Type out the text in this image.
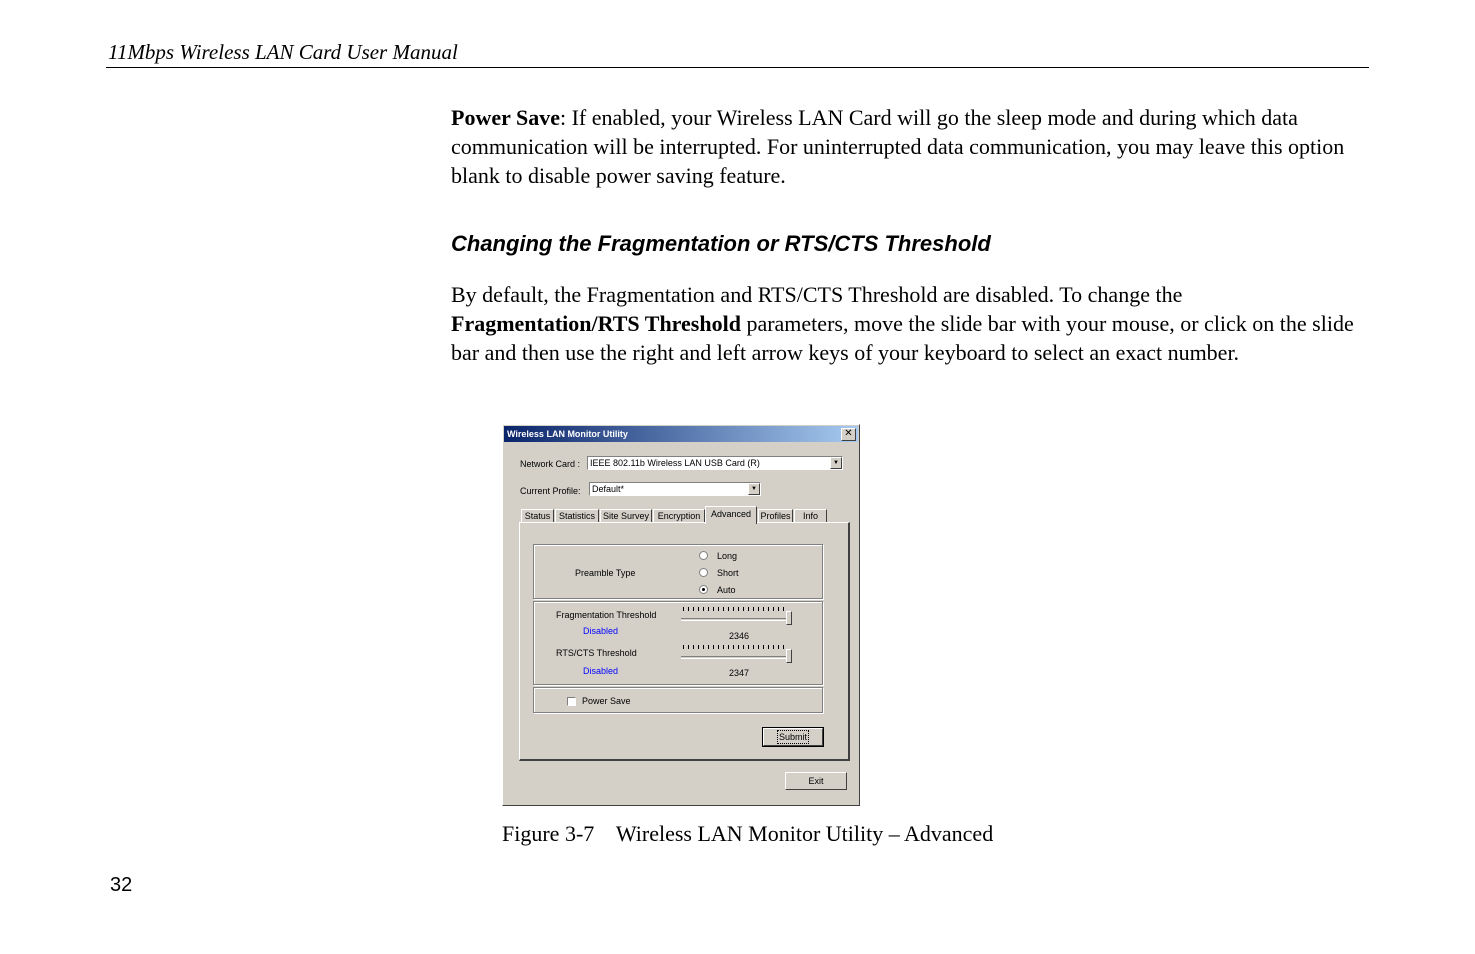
11Mbps Wireless LAN Card User Manual

Power Save: If enabled, your Wireless LAN Card will go the sleep mode and during which data communication will be interrupted. For uninterrupted data communication, you may leave this option blank to disable power saving feature.

Changing the Fragmentation or RTS/CTS Threshold

By default, the Fragmentation and RTS/CTS Threshold are disabled. To change the Fragmentation/RTS Threshold parameters, move the slide bar with your mouse, or click on the slide bar and then use the right and left arrow keys of your keyboard to select an exact number.

Wireless LAN Monitor Utility	✕
Network Card : IEEE 802.11b Wireless LAN USB Card (R)	▼
Current Profile: Default*	▼
Status Statistics Site Survey Encryption	Advanced	Profiles	Info
Preamble Type
Long
Short
Auto
Fragmentation Threshold
Disabled	2346
RTS/CTS Threshold
Disabled	2347
Power Save
Submit
Exit
Figure 3-7    Wireless LAN Monitor Utility – Advanced
32
